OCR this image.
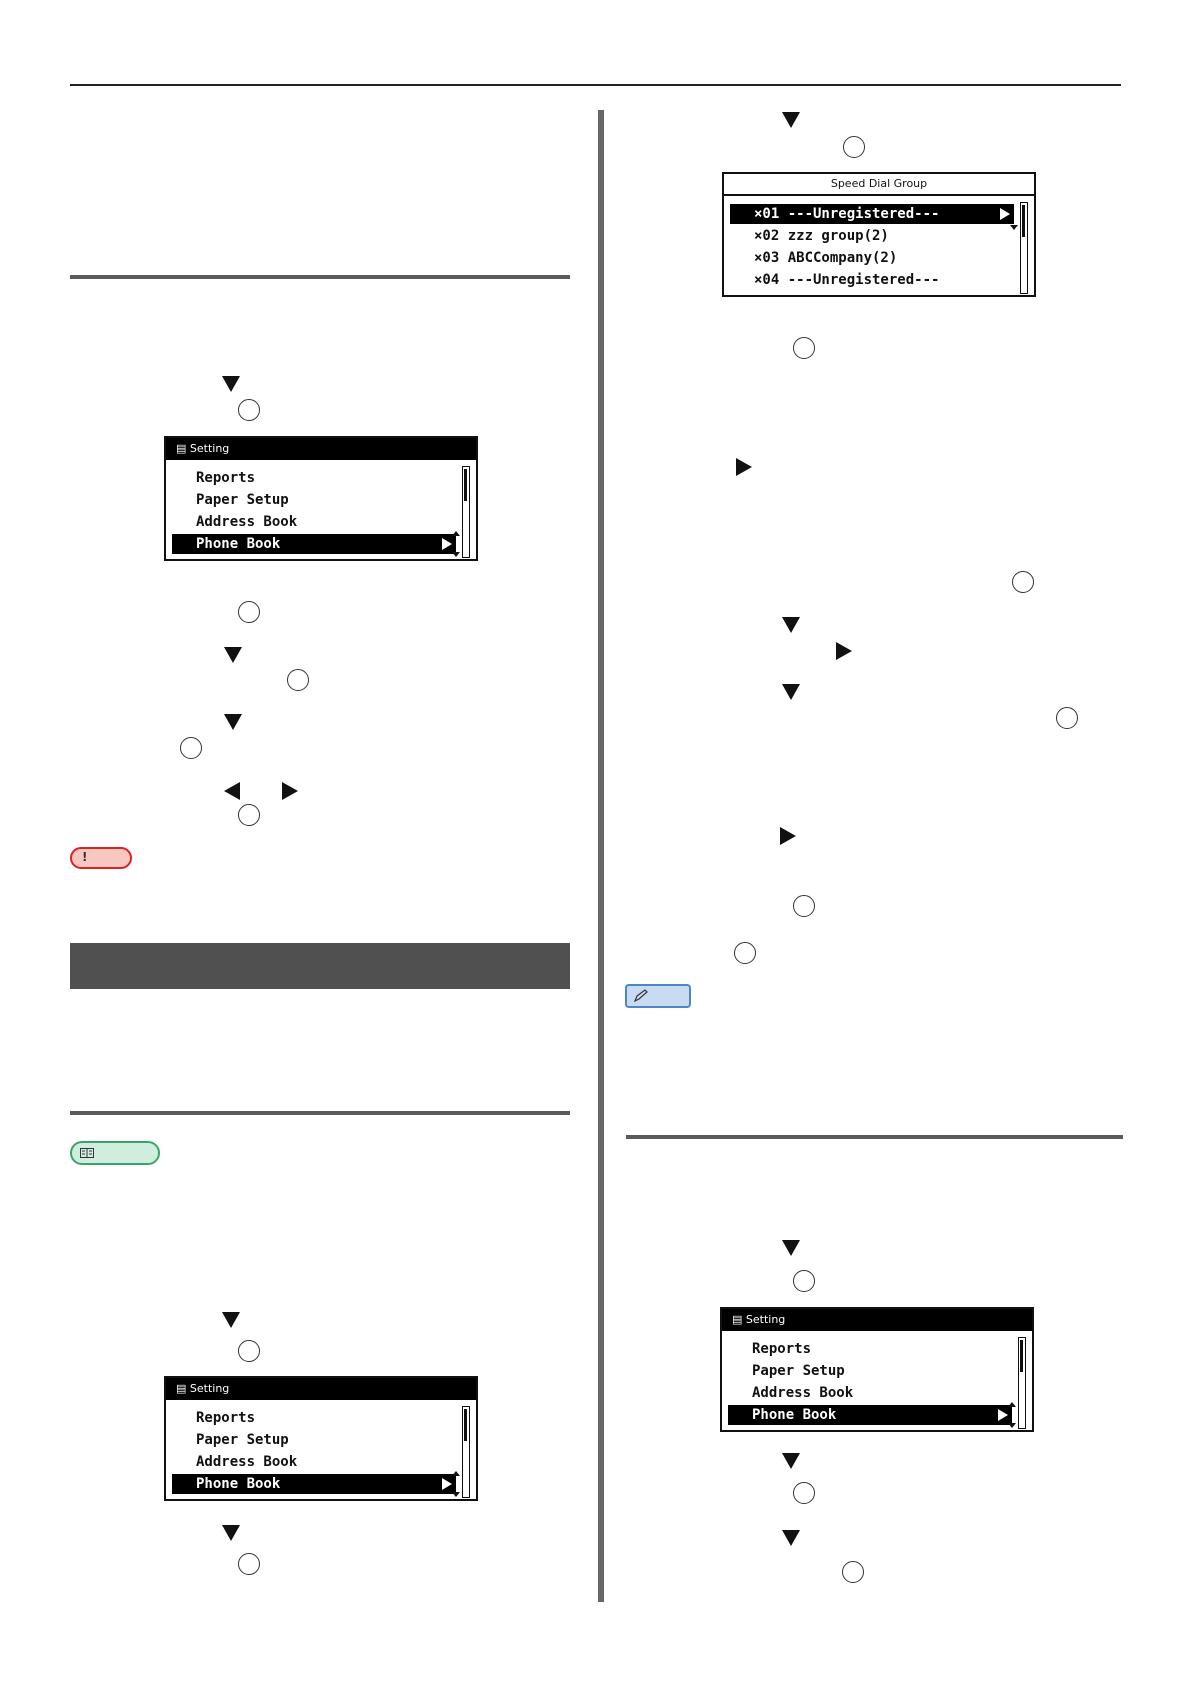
▤ Setting
Reports
Paper Setup
Address Book
Phone Book
!
▤ Setting
Reports
Paper Setup
Address Book
Phone Book
Speed Dial Group
×01 ---Unregistered---
×02 zzz group(2)
×03 ABCCompany(2)
×04 ---Unregistered---
▤ Setting
Reports
Paper Setup
Address Book
Phone Book
